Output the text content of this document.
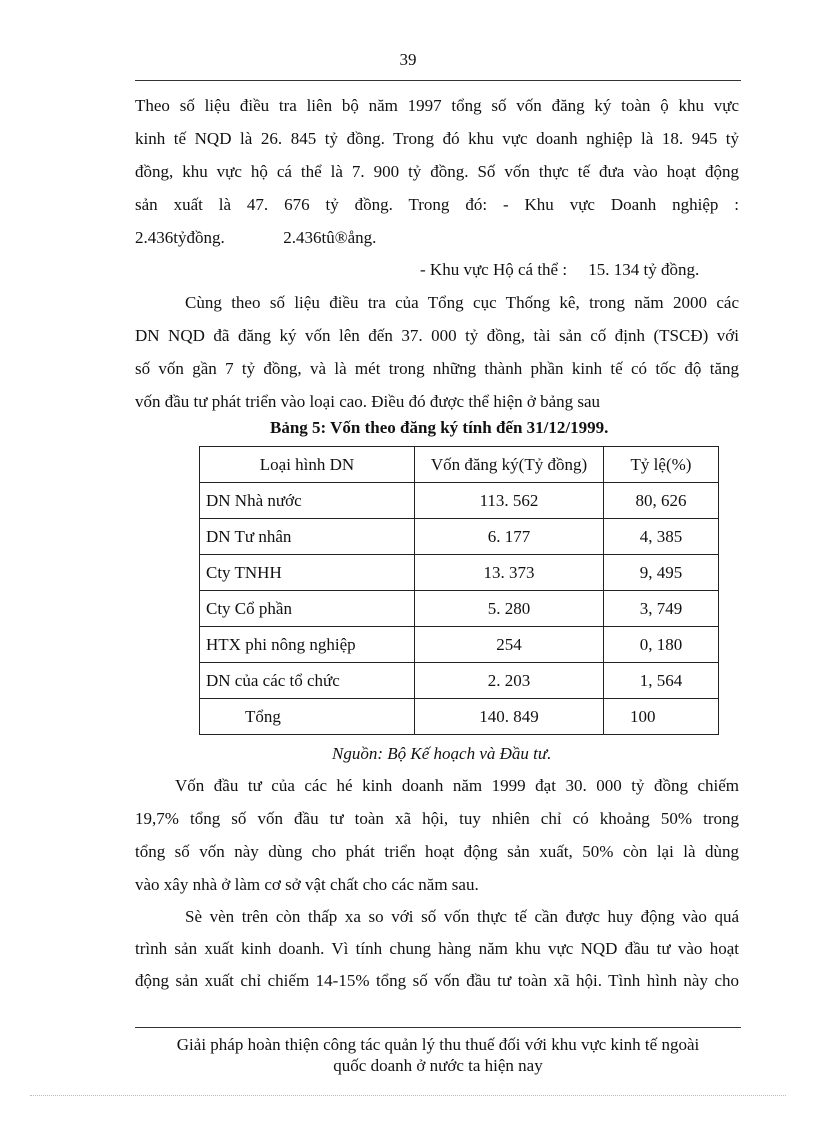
39
Theo số liệu điều tra liên bộ năm 1997 tổng số vốn đăng ký toàn ộ khu vực
kinh tế NQD là 26. 845 tỷ đồng. Trong đó khu vực doanh nghiệp là 18. 945 tỷ
đồng, khu vực hộ cá thể là 7. 900 tỷ đồng. Số vốn thực tế đưa vào hoạt động
sản xuất là 47. 676 tỷ đồng. Trong đó: - Khu vực Doanh nghiệp :
2.436tỷđồng.	2.436tû®ång.
- Khu vực Hộ cá thể :     15. 134 tỷ đồng.
Cùng theo số liệu điều tra của Tổng cục Thống kê, trong năm 2000 các
DN NQD đã đăng ký vốn lên đến 37. 000 tỷ đồng, tài sản cố định (TSCĐ) với
số vốn gần 7 tỷ đồng, và là mét trong những thành phần kinh tế có tốc độ tăng
vốn đầu tư phát triển vào loại cao. Điều đó được thể hiện ở bảng sau
Bảng 5: Vốn theo đăng ký tính đến 31/12/1999.
Loại hình DN	Vốn đăng ký(Tỷ đồng)	Tỷ lệ(%)
DN Nhà nước	113. 562	80, 626
DN Tư nhân	6. 177	4, 385
Cty TNHH	13. 373	9, 495
Cty Cổ phần	5. 280	3, 749
HTX phi nông nghiệp	254	0, 180
DN của các tổ chức	2. 203	1, 564
Tổng	140. 849	100
Nguồn: Bộ Kế hoạch và Đầu tư.
Vốn đầu tư của các hé kinh doanh năm 1999 đạt 30. 000 tỷ đồng chiếm
19,7% tổng số vốn đầu tư toàn xã hội, tuy nhiên chỉ có khoảng 50% trong
tổng số vốn này dùng cho phát triển hoạt động sản xuất, 50% còn lại là dùng
vào xây nhà ở làm cơ sở vật chất cho các năm sau.
Sè vèn trên còn thấp xa so với số vốn thực tế cần được huy động vào quá
trình sản xuất kinh doanh. Vì tính chung hàng năm khu vực NQD đầu tư vào hoạt
động sản xuất chỉ chiếm 14-15% tổng số vốn đầu tư toàn xã hội. Tình hình này cho
Giải pháp hoàn thiện công tác quản lý thu thuế đối với khu vực kinh tế ngoài
quốc doanh ở nước ta hiện nay
